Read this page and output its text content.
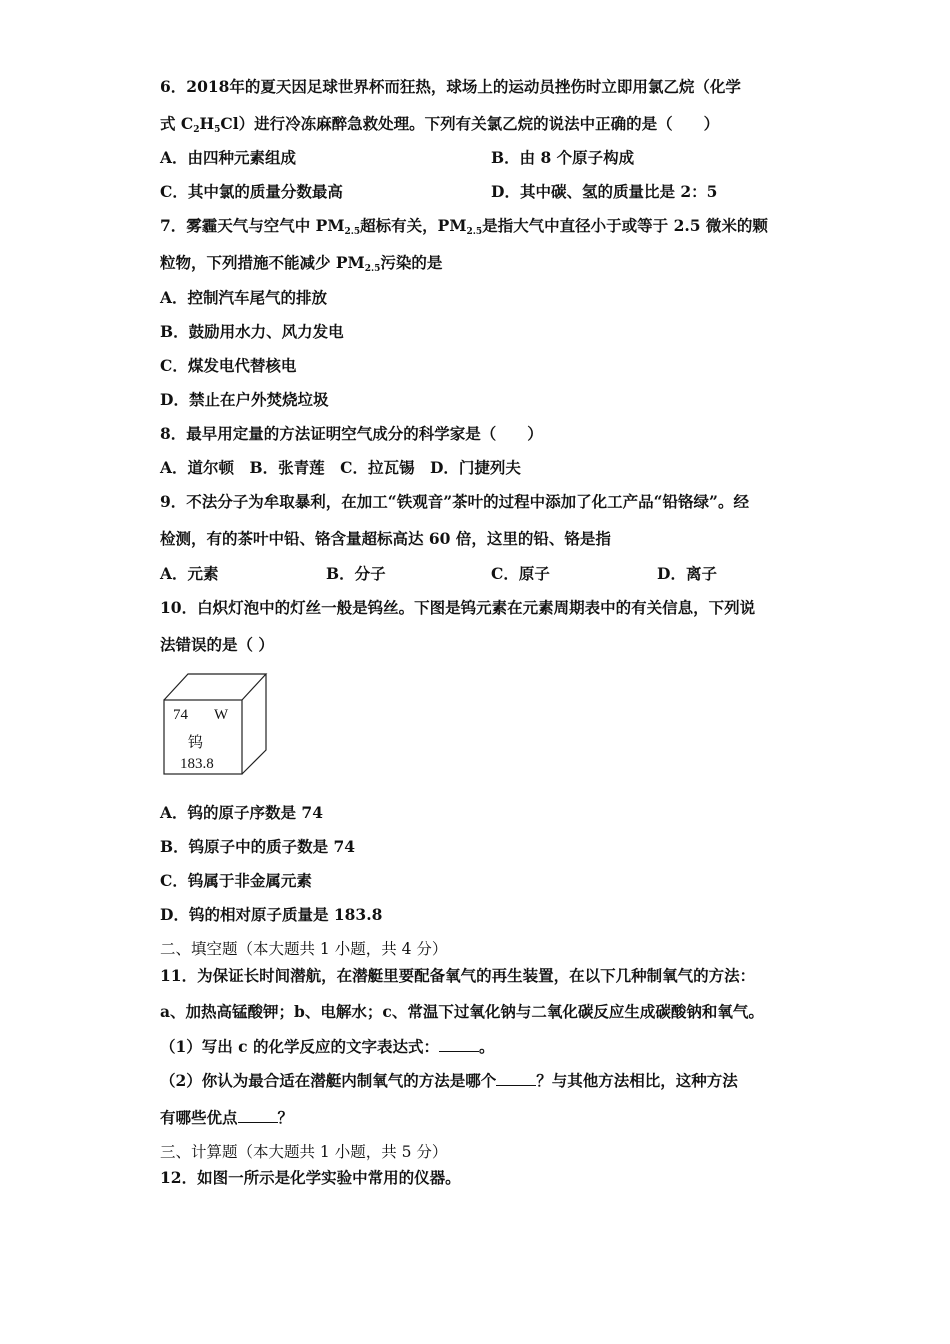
6．2018年的夏天因足球世界杯而狂热，球场上的运动员挫伤时立即用氯乙烷（化学
式 $C_2H_5Cl$）进行冷冻麻醉急救处理。下列有关氯乙烷的说法中正确的是（　　）
A．由四种元素组成	B．由 8 个原子构成
C．其中氯的质量分数最高	D．其中碳、氢的质量比是 2：5
7．雾霾天气与空气中 $PM_{2.5}$超标有关，$PM_{2.5}$是指大气中直径小于或等于 2.5 微米的颗
粒物，下列措施不能减少 $PM_{2.5}$污染的是
A．控制汽车尾气的排放
B．鼓励用水力、风力发电
C．煤发电代替核电
D．禁止在户外焚烧垃圾
8．最早用定量的方法证明空气成分的科学家是（　　）
A．道尔顿　B．张青莲　C．拉瓦锡　D．门捷列夫
9．不法分子为牟取暴利，在加工“铁观音”茶叶的过程中添加了化工产品“铅铬绿”。经
检测，有的茶叶中铅、铬含量超标高达 60 倍，这里的铅、铬是指
A．元素	B．分子	C．原子	D．离子
10．白炽灯泡中的灯丝一般是钨丝。下图是钨元素在元素周期表中的有关信息，下列说
法错误的是（ ）
74 W
钨
183.8
A．钨的原子序数是 74
B．钨原子中的质子数是 74
C．钨属于非金属元素
D．钨的相对原子质量是 183.8
二、填空题（本大题共 1 小题，共 4 分）
11．为保证长时间潜航，在潜艇里要配备氧气的再生装置，在以下几种制氧气的方法：
a、加热高锰酸钾；b、电解水；c、常温下过氧化钠与二氧化碳反应生成碳酸钠和氧气。
（1）写出 c 的化学反应的文字表达式：	。
（2）你认为最合适在潜艇内制氧气的方法是哪个	？与其他方法相比，这种方法
有哪些优点	？
三、计算题（本大题共 1 小题，共 5 分）
12．如图一所示是化学实验中常用的仪器。
